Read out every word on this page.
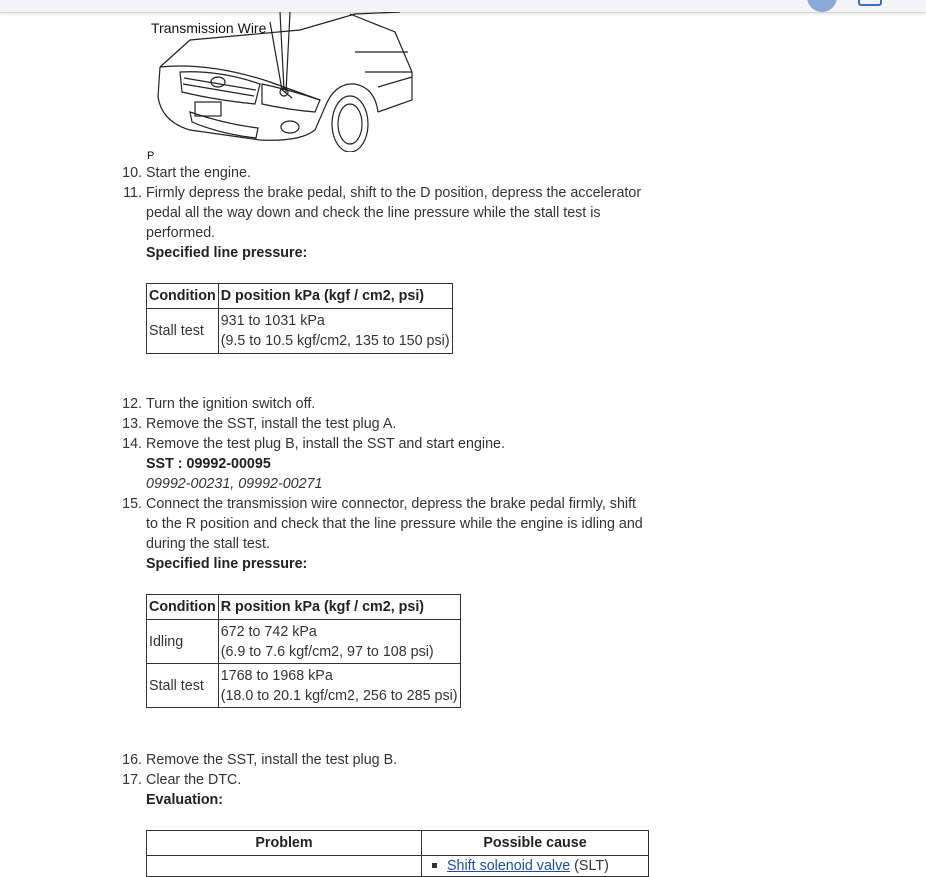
Transmission Wire
P
10. Start the engine.
11. Firmly depress the brake pedal, shift to the D position, depress the accelerator
pedal all the way down and check the line pressure while the stall test is
performed.
Specified line pressure:
Condition	D position kPa (kgf / cm2, psi)
Stall test	931 to 1031 kPa
(9.5 to 10.5 kgf/cm2, 135 to 150 psi)
12. Turn the ignition switch off.
13. Remove the SST, install the test plug A.
14. Remove the test plug B, install the SST and start engine.
SST : 09992-00095
09992-00231, 09992-00271
15. Connect the transmission wire connector, depress the brake pedal firmly, shift
to the R position and check that the line pressure while the engine is idling and
during the stall test.
Specified line pressure:
Condition	R position kPa (kgf / cm2, psi)
Idling	672 to 742 kPa
(6.9 to 7.6 kgf/cm2, 97 to 108 psi)
Stall test	1768 to 1968 kPa
(18.0 to 20.1 kgf/cm2, 256 to 285 psi)
16. Remove the SST, install the test plug B.
17. Clear the DTC.
Evaluation:
Problem	Possible cause
	Shift solenoid valve (SLT)
